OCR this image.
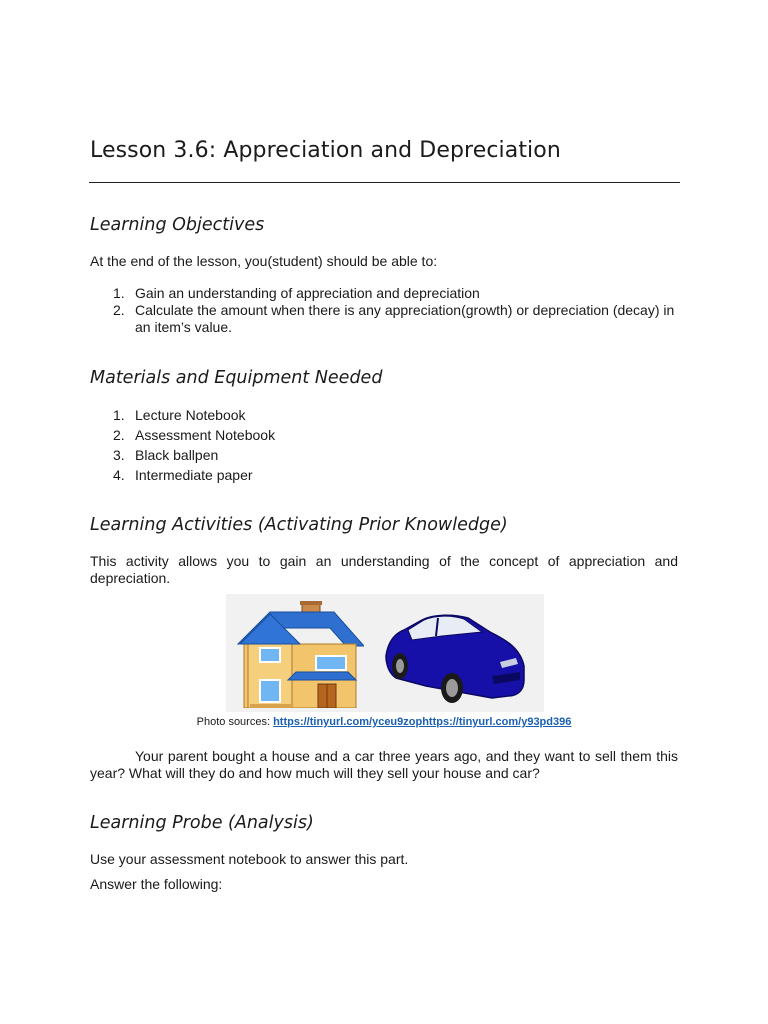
Lesson 3.6: Appreciation and Depreciation
Learning Objectives

At the end of the lesson, you(student) should be able to:

1. Gain an understanding of appreciation and depreciation
2. Calculate the amount when there is any appreciation(growth) or depreciation (decay) in an item’s value.
Materials and Equipment Needed
1. Lecture Notebook
2. Assessment Notebook
3. Black ballpen
4. Intermediate paper
Learning Activities (Activating Prior Knowledge)

This activity allows you to gain an understanding of the concept of appreciation and depreciation.

Photo sources: https://tinyurl.com/yceu9zophttps://tinyurl.com/y93pd396

Your parent bought a house and a car three years ago, and they want to sell them this year? What will they do and how much will they sell your house and car?

Learning Probe (Analysis)

Use your assessment notebook to answer this part.

Answer the following:
